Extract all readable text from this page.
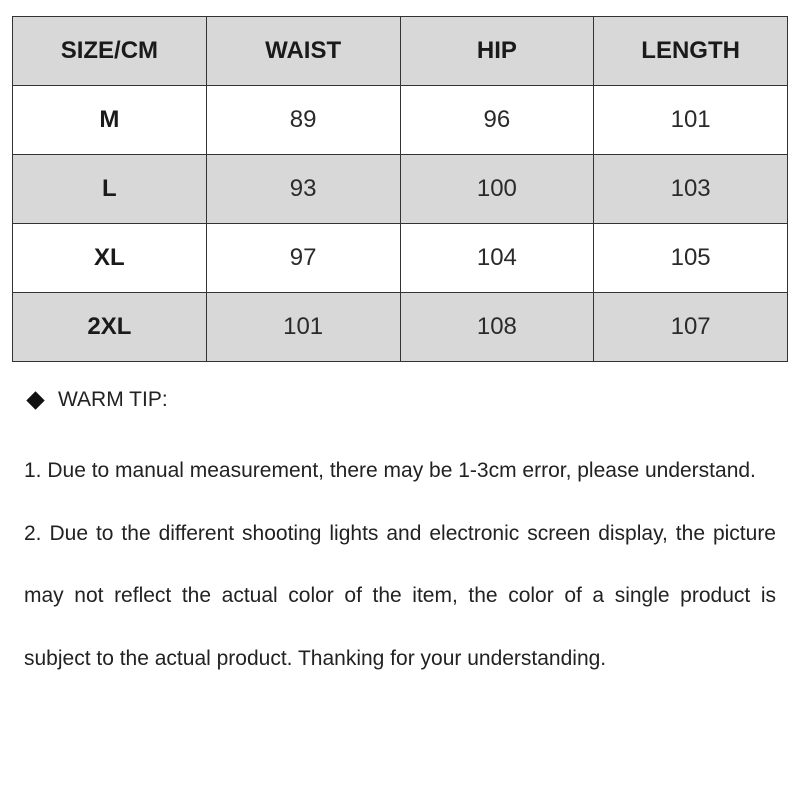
SIZE/CM	WAIST	HIP	LENGTH
M	89	96	101
L	93	100	103
XL	97	104	105
2XL	101	108	107
WARM TIP:

1. Due to manual measurement, there may be 1-3cm error, please understand.

2. Due to the different shooting lights and electronic screen display, the picture may not reflect the actual color of the item, the color of a single product is subject to the actual product. Thanking for your understanding.
